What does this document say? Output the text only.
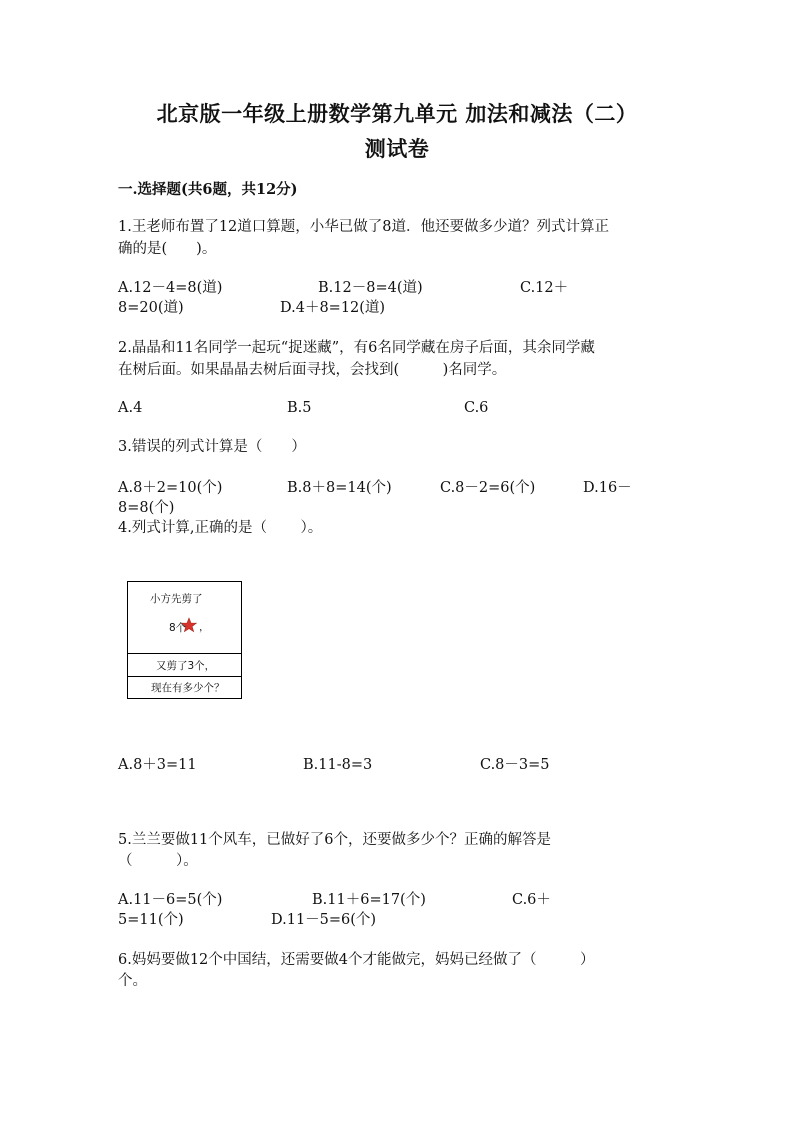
北京版一年级上册数学第九单元 加法和减法（二）
测试卷
一.选择题(共6题，共12分)
1.王老师布置了12道口算题，小华已做了8道．他还要做多少道？列式计算正
确的是(　　)。
A.12－4=8(道)	B.12－8=4(道)	C.12＋
8=20(道)	D.4＋8=12(道)
2.晶晶和11名同学一起玩“捉迷藏”，有6名同学藏在房子后面，其余同学藏
在树后面。如果晶晶去树后面寻找，会找到(　　　)名同学。
A.4	B.5	C.6
3.错误的列式计算是（　　）
A.8＋2=10(个)	B.8＋8=14(个)	C.8－2=6(个)	D.16－
8=8(个)
4.列式计算,正确的是（　　 ）。
小方先剪了
8个 ，
又剪了3个，
现在有多少个？
A.8＋3=11	B.11-8=3	C.8－3=5
5.兰兰要做11个风车，已做好了6个，还要做多少个？正确的解答是
（　　　）。
A.11－6=5(个)	B.11＋6=17(个)	C.6＋
5=11(个)	D.11－5=6(个)
6.妈妈要做12个中国结，还需要做4个才能做完，妈妈已经做了（　　　）
个。
